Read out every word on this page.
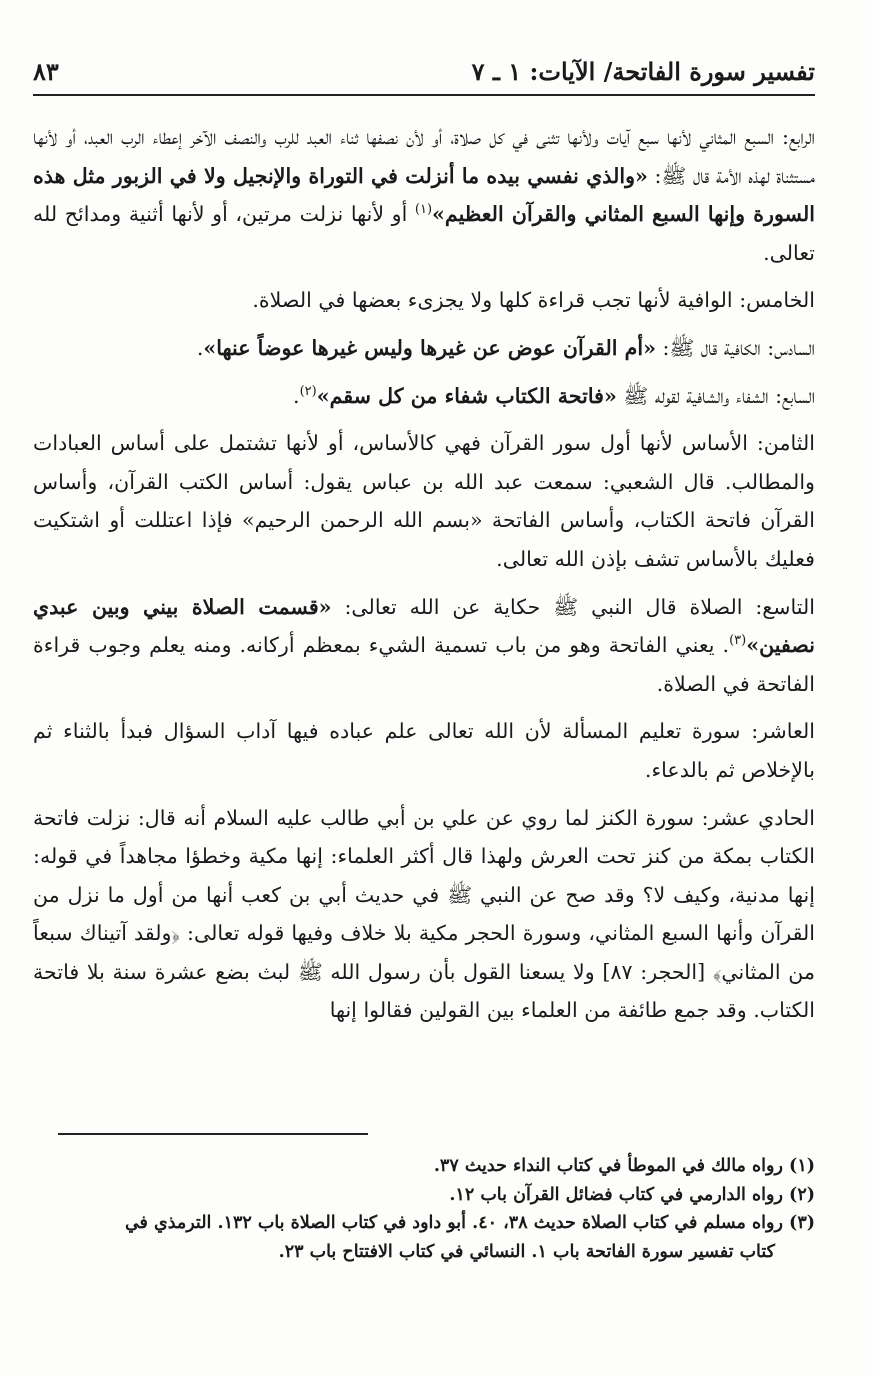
تفسير سورة الفاتحة/ الآيات: ١ ـ ٧
٨٣

الرابع: السبع المثاني لأنها سبع آيات ولأنها تثنى في كل صلاة، أو لأن نصفها ثناء العبد للرب والنصف الآخر إعطاء الرب العبد، أو لأنها مستثناة لهذه الأمة قال ﷺ: «والذي نفسي بيده ما أنزلت في التوراة والإنجيل ولا في الزبور مثل هذه السورة وإنها السبع المثاني والقرآن العظيم»$^{(١)}$ أو لأنها نزلت مرتين، أو لأنها أثنية ومدائح لله تعالى.

الخامس: الوافية لأنها تجب قراءة كلها ولا يجزىء بعضها في الصلاة.

السادس: الكافية قال ﷺ: «أم القرآن عوض عن غيرها وليس غيرها عوضاً عنها».

السابع: الشفاء والشافية لقوله ﷺ «فاتحة الكتاب شفاء من كل سقم»$^{(٢)}$.

الثامن: الأساس لأنها أول سور القرآن فهي كالأساس، أو لأنها تشتمل على أساس العبادات والمطالب. قال الشعبي: سمعت عبد الله بن عباس يقول: أساس الكتب القرآن، وأساس القرآن فاتحة الكتاب، وأساس الفاتحة «بسم الله الرحمن الرحيم» فإذا اعتللت أو اشتكيت فعليك بالأساس تشف بإذن الله تعالى.

التاسع: الصلاة قال النبي ﷺ حكاية عن الله تعالى: «قسمت الصلاة بيني وبين عبدي نصفين»$^{(٣)}$. يعني الفاتحة وهو من باب تسمية الشيء بمعظم أركانه. ومنه يعلم وجوب قراءة الفاتحة في الصلاة.

العاشر: سورة تعليم المسألة لأن الله تعالى علم عباده فيها آداب السؤال فبدأ بالثناء ثم بالإخلاص ثم بالدعاء.

الحادي عشر: سورة الكنز لما روي عن علي بن أبي طالب عليه السلام أنه قال: نزلت فاتحة الكتاب بمكة من كنز تحت العرش ولهذا قال أكثر العلماء: إنها مكية وخطؤا مجاهداً في قوله: إنها مدنية، وكيف لا؟ وقد صح عن النبي ﷺ في حديث أبي بن كعب أنها من أول ما نزل من القرآن وأنها السبع المثاني، وسورة الحجر مكية بلا خلاف وفيها قوله تعالى: ﴿ولقد آتيناك سبعاً من المثاني﴾ [الحجر: ٨٧] ولا يسعنا القول بأن رسول الله ﷺ لبث بضع عشرة سنة بلا فاتحة الكتاب. وقد جمع طائفة من العلماء بين القولين فقالوا إنها

(١) رواه مالك في الموطأ في كتاب النداء حديث ٣٧.

(٢) رواه الدارمي في كتاب فضائل القرآن باب ١٢.

(٣) رواه مسلم في كتاب الصلاة حديث ٣٨، ٤٠. أبو داود في كتاب الصلاة باب ١٣٢. الترمذي في

كتاب تفسير سورة الفاتحة باب ١. النسائي في كتاب الافتتاح باب ٢٣.
